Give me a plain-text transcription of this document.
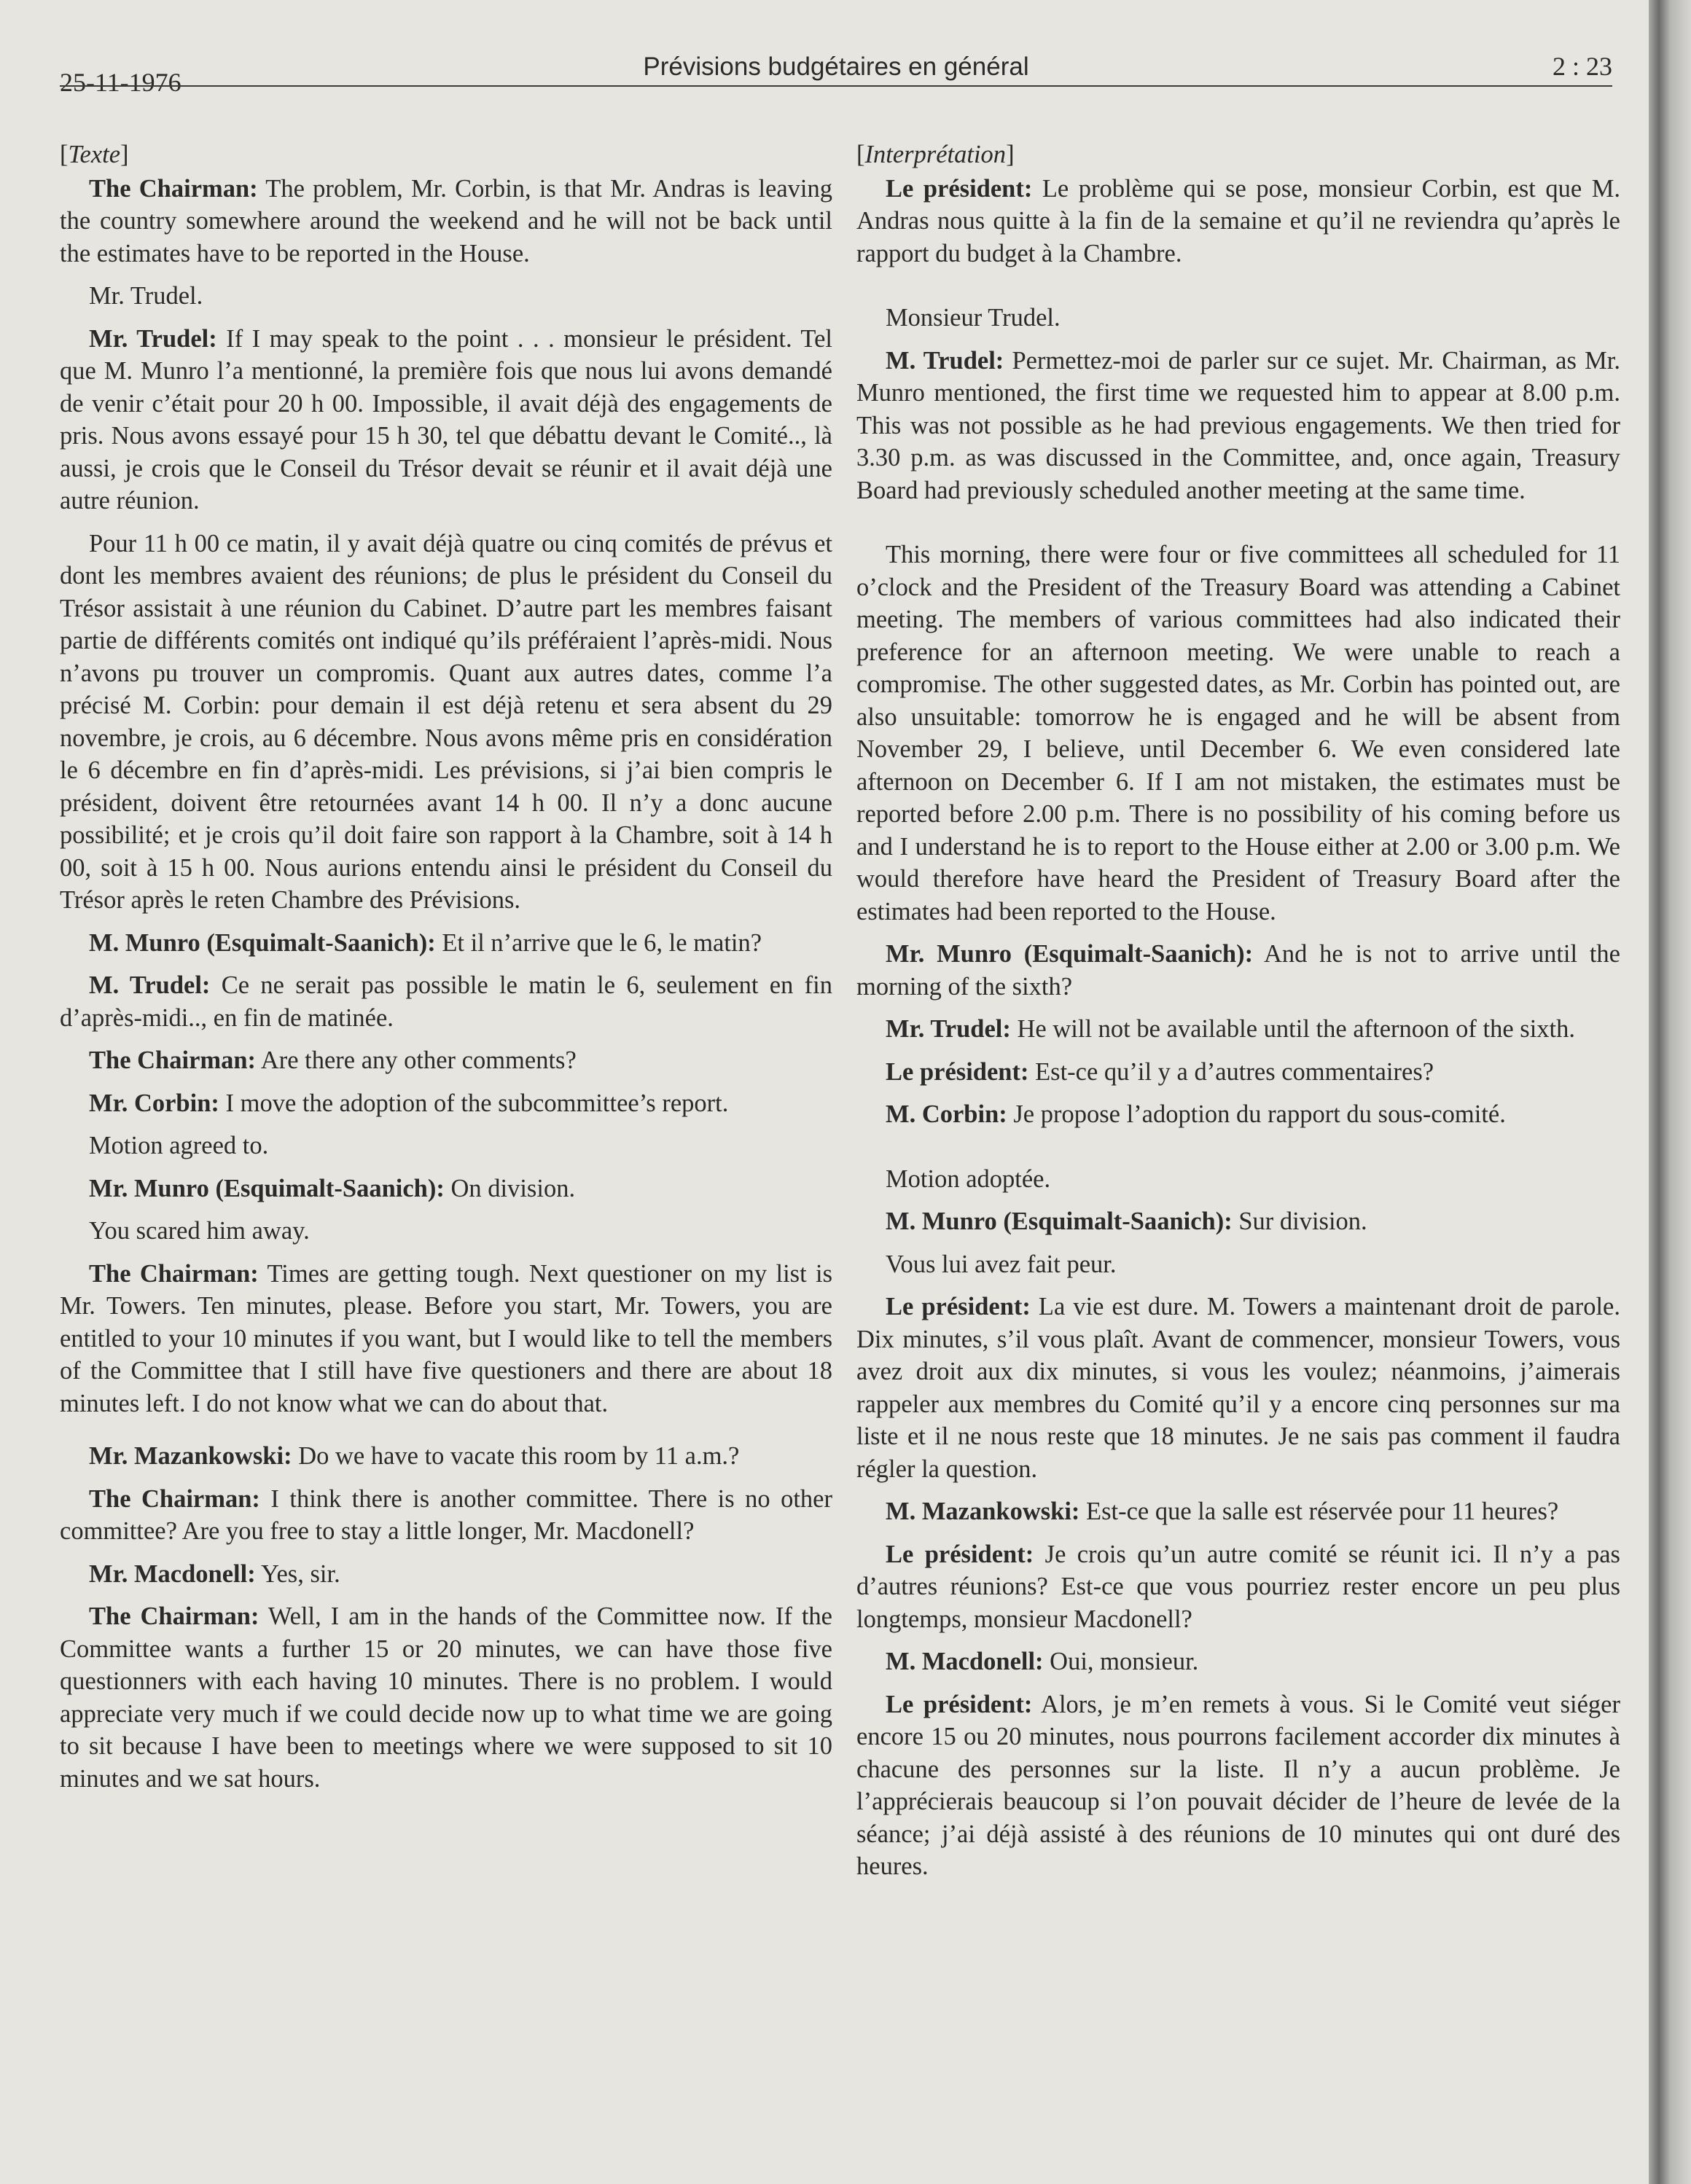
25-11-1976
Prévisions budgétaires en général	2 : 23

[Texte]

The Chairman: The problem, Mr. Corbin, is that Mr. Andras is leaving the country somewhere around the weekend and he will not be back until the estimates have to be reported in the House.

Mr. Trudel.

Mr. Trudel: If I may speak to the point . . . monsieur le président. Tel que M. Munro l’a mentionné, la première fois que nous lui avons demandé de venir c’était pour 20 h 00. Impossible, il avait déjà des engagements de pris. Nous avons essayé pour 15 h 30, tel que débattu devant le Comité.., là aussi, je crois que le Conseil du Trésor devait se réunir et il avait déjà une autre réunion.

Pour 11 h 00 ce matin, il y avait déjà quatre ou cinq comités de prévus et dont les membres avaient des réunions; de plus le président du Conseil du Trésor assistait à une réunion du Cabinet. D’autre part les membres faisant partie de différents comités ont indiqué qu’ils préféraient l’après-midi. Nous n’avons pu trouver un compromis. Quant aux autres dates, comme l’a précisé M. Corbin: pour demain il est déjà retenu et sera absent du 29 novembre, je crois, au 6 décembre. Nous avons même pris en considération le 6 décembre en fin d’après-midi. Les prévisions, si j’ai bien compris le président, doivent être retournées avant 14 h 00. Il n’y a donc aucune possibilité; et je crois qu’il doit faire son rapport à la Chambre, soit à 14 h 00, soit à 15 h 00. Nous aurions entendu ainsi le président du Conseil du Trésor après le reten Chambre des Prévisions.

M. Munro (Esquimalt-Saanich): Et il n’arrive que le 6, le matin?

M. Trudel: Ce ne serait pas possible le matin le 6, seulement en fin d’après-midi.., en fin de matinée.

The Chairman: Are there any other comments?

Mr. Corbin: I move the adoption of the subcommittee’s report.

Motion agreed to.

Mr. Munro (Esquimalt-Saanich): On division.

You scared him away.

The Chairman: Times are getting tough. Next questioner on my list is Mr. Towers. Ten minutes, please. Before you start, Mr. Towers, you are entitled to your 10 minutes if you want, but I would like to tell the members of the Committee that I still have five questioners and there are about 18 minutes left. I do not know what we can do about that.

Mr. Mazankowski: Do we have to vacate this room by 11 a.m.?

The Chairman: I think there is another committee. There is no other committee? Are you free to stay a little longer, Mr. Macdonell?

Mr. Macdonell: Yes, sir.

The Chairman: Well, I am in the hands of the Committee now. If the Committee wants a further 15 or 20 minutes, we can have those five questionners with each having 10 minutes. There is no problem. I would appreciate very much if we could decide now up to what time we are going to sit because I have been to meetings where we were supposed to sit 10 minutes and we sat hours.

[Interprétation]

Le président: Le problème qui se pose, monsieur Corbin, est que M. Andras nous quitte à la fin de la semaine et qu’il ne reviendra qu’après le rapport du budget à la Chambre.

Monsieur Trudel.

M. Trudel: Permettez-moi de parler sur ce sujet. Mr. Chairman, as Mr. Munro mentioned, the first time we requested him to appear at 8.00 p.m. This was not possible as he had previous engagements. We then tried for 3.30 p.m. as was discussed in the Committee, and, once again, Treasury Board had previously scheduled another meeting at the same time.

This morning, there were four or five committees all scheduled for 11 o’clock and the President of the Treasury Board was attending a Cabinet meeting. The members of various committees had also indicated their preference for an afternoon meeting. We were unable to reach a compromise. The other suggested dates, as Mr. Corbin has pointed out, are also unsuitable: tomorrow he is engaged and he will be absent from November 29, I believe, until December 6. We even considered late afternoon on December 6. If I am not mistaken, the estimates must be reported before 2.00 p.m. There is no possibility of his coming before us and I understand he is to report to the House either at 2.00 or 3.00 p.m. We would therefore have heard the President of Treasury Board after the estimates had been reported to the House.

Mr. Munro (Esquimalt-Saanich): And he is not to arrive until the morning of the sixth?

Mr. Trudel: He will not be available until the afternoon of the sixth.

Le président: Est-ce qu’il y a d’autres commentaires?

M. Corbin: Je propose l’adoption du rapport du sous-comité.

Motion adoptée.

M. Munro (Esquimalt-Saanich): Sur division.

Vous lui avez fait peur.

Le président: La vie est dure. M. Towers a maintenant droit de parole. Dix minutes, s’il vous plaît. Avant de commencer, monsieur Towers, vous avez droit aux dix minutes, si vous les voulez; néanmoins, j’aimerais rappeler aux membres du Comité qu’il y a encore cinq personnes sur ma liste et il ne nous reste que 18 minutes. Je ne sais pas comment il faudra régler la question.

M. Mazankowski: Est-ce que la salle est réservée pour 11 heures?

Le président: Je crois qu’un autre comité se réunit ici. Il n’y a pas d’autres réunions? Est-ce que vous pourriez rester encore un peu plus longtemps, monsieur Macdonell?

M. Macdonell: Oui, monsieur.

Le président: Alors, je m’en remets à vous. Si le Comité veut siéger encore 15 ou 20 minutes, nous pourrons facilement accorder dix minutes à chacune des personnes sur la liste. Il n’y a aucun problème. Je l’apprécierais beaucoup si l’on pouvait décider de l’heure de levée de la séance; j’ai déjà assisté à des réunions de 10 minutes qui ont duré des heures.
